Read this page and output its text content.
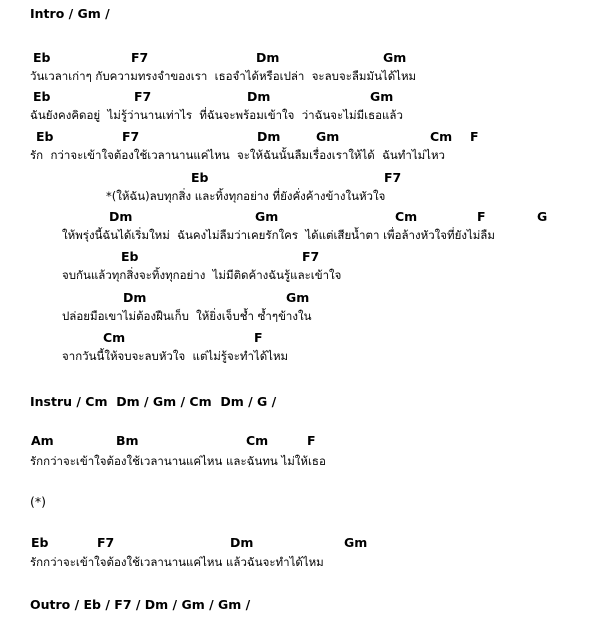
Intro / Gm /

Eb

	F7

	Dm

	Gm

วันเวลาเก่าๆ กับความทรงจำของเรา  เธอจำได้หรือเปล่า  จะลบจะลืมมันได้ไหม

Eb

	F7

	Dm

	Gm

ฉันยังคงคิดอยู่  ไม่รู้ว่านานเท่าไร  ที่ฉันจะพร้อมเข้าใจ  ว่าฉันจะไม่มีเธอแล้ว

Eb

	F7

	Dm

	Gm

	Cm

F

รัก  กว่าจะเข้าใจต้องใช้เวลานานแค่ไหน  จะให้ฉันนั้นลืมเรื่องเราให้ได้  ฉันทำไม่ไหว

Eb

	F7

*(ให้ฉัน)ลบทุกสิ่ง และทิ้งทุกอย่าง ที่ยังคั่งค้างข้างในหัวใจ

Dm

	Gm

	Cm

	F

	G

ให้พรุ่งนี้ฉันได้เริ่มใหม่  ฉันคงไม่ลืมว่าเคยรักใคร  ได้แต่เสียน้ำตา เพื่อล้างหัวใจที่ยังไม่ลืม

Eb

	F7

จบกันแล้วทุกสิ่งจะทิ้งทุกอย่าง  ไม่มีติดค้างฉันรู้และเข้าใจ

Dm

	Gm

ปล่อยมือเขาไม่ต้องฝืนเก็บ  ให้ยิ่งเจ็บช้ำ ซ้ำๆข้างใน

Cm

	F

จากวันนี้ให้จบจะลบหัวใจ  แต่ไม่รู้จะทำได้ไหม
Instru / Cm  Dm / Gm / Cm  Dm / G /

Am

	Bm

	Cm

	F

รักกว่าจะเข้าใจต้องใช้เวลานานแค่ไหน และฉันทน ไม่ให้เธอ
(*)

Eb

	F7

	Dm

	Gm

รักกว่าจะเข้าใจต้องใช้เวลานานแค่ไหน แล้วฉันจะทำได้ไหม
Outro / Eb / F7 / Dm / Gm / Gm /
